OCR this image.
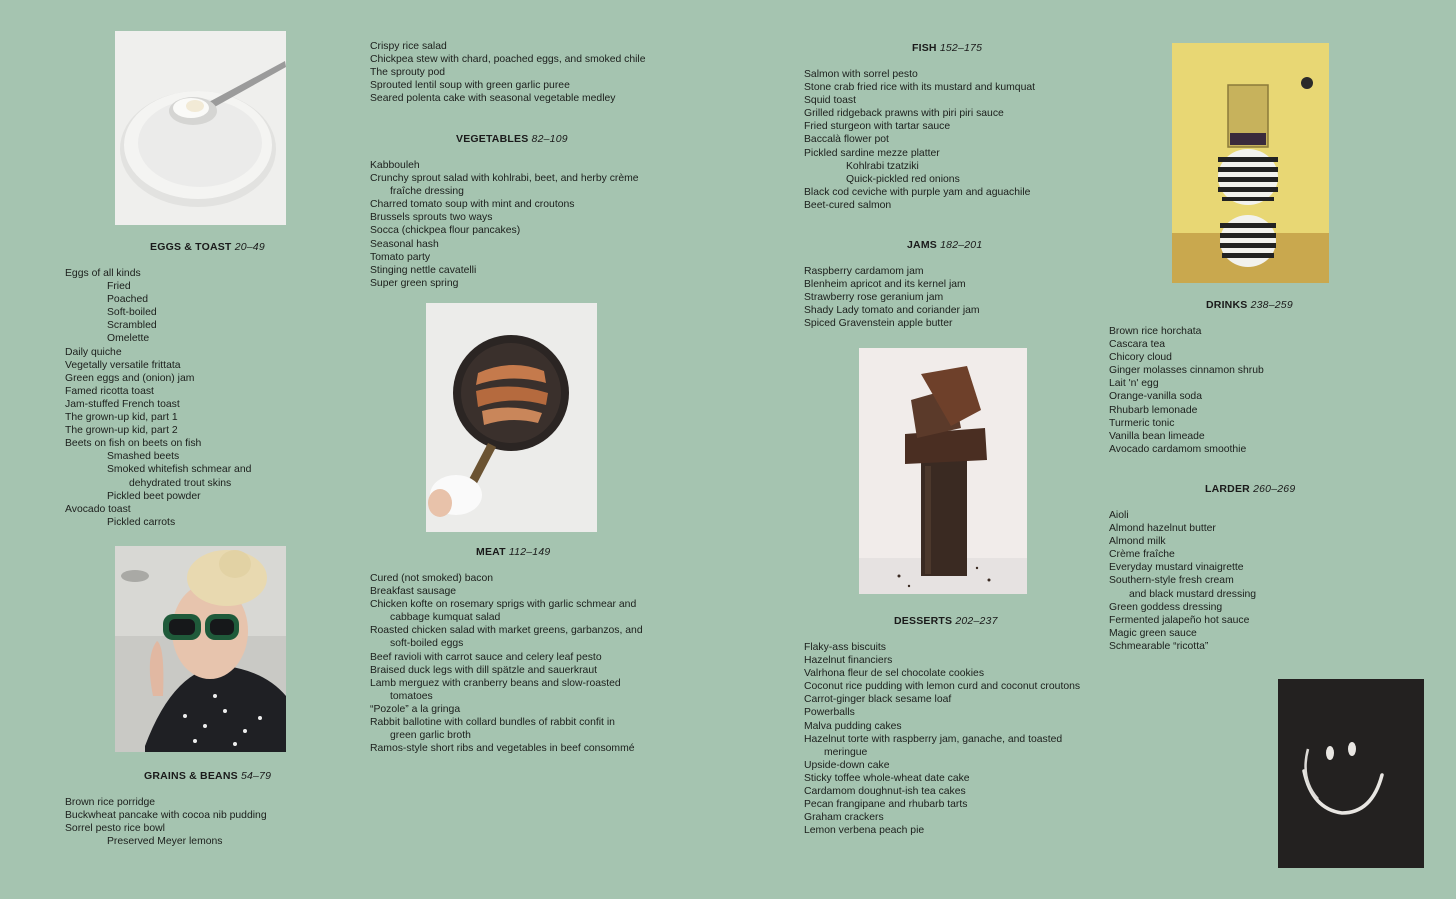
EGGS & TOAST 20–49
GRAINS & BEANS 54–79
VEGETABLES 82–109
MEAT 112–149
FISH 152–175
JAMS 182–201
DESSERTS 202–237
DRINKS 238–259
LARDER 260–269
Eggs of all kinds
Fried
Poached
Soft-boiled
Scrambled
Omelette
Daily quiche
Vegetally versatile frittata
Green eggs and (onion) jam
Famed ricotta toast
Jam-stuffed French toast
The grown-up kid, part 1
The grown-up kid, part 2
Beets on fish on beets on fish
Smashed beets
Smoked whitefish schmear and
dehydrated trout skins
Pickled beet powder
Avocado toast
Pickled carrots
Brown rice porridge
Buckwheat pancake with cocoa nib pudding
Sorrel pesto rice bowl
Preserved Meyer lemons
Crispy rice salad
Chickpea stew with chard, poached eggs, and smoked chile
The sprouty pod
Sprouted lentil soup with green garlic puree
Seared polenta cake with seasonal vegetable medley
Kabbouleh
Crunchy sprout salad with kohlrabi, beet, and herby crème
fraîche dressing
Charred tomato soup with mint and croutons
Brussels sprouts two ways
Socca (chickpea flour pancakes)
Seasonal hash
Tomato party
Stinging nettle cavatelli
Super green spring
Cured (not smoked) bacon
Breakfast sausage
Chicken kofte on rosemary sprigs with garlic schmear and
cabbage kumquat salad
Roasted chicken salad with market greens, garbanzos, and
soft-boiled eggs
Beef ravioli with carrot sauce and celery leaf pesto
Braised duck legs with dill spätzle and sauerkraut
Lamb merguez with cranberry beans and slow-roasted
tomatoes
“Pozole” a la gringa
Rabbit ballotine with collard bundles of rabbit confit in
green garlic broth
Ramos-style short ribs and vegetables in beef consommé
Salmon with sorrel pesto
Stone crab fried rice with its mustard and kumquat
Squid toast
Grilled ridgeback prawns with piri piri sauce
Fried sturgeon with tartar sauce
Baccalà flower pot
Pickled sardine mezze platter
Kohlrabi tzatziki
Quick-pickled red onions
Black cod ceviche with purple yam and aguachile
Beet-cured salmon
Raspberry cardamom jam
Blenheim apricot and its kernel jam
Strawberry rose geranium jam
Shady Lady tomato and coriander jam
Spiced Gravenstein apple butter
Flaky-ass biscuits
Hazelnut financiers
Valrhona fleur de sel chocolate cookies
Coconut rice pudding with lemon curd and coconut croutons
Carrot-ginger black sesame loaf
Powerballs
Malva pudding cakes
Hazelnut torte with raspberry jam, ganache, and toasted
meringue
Upside-down cake
Sticky toffee whole-wheat date cake
Cardamom doughnut-ish tea cakes
Pecan frangipane and rhubarb tarts
Graham crackers
Lemon verbena peach pie
Brown rice horchata
Cascara tea
Chicory cloud
Ginger molasses cinnamon shrub
Lait 'n' egg
Orange-vanilla soda
Rhubarb lemonade
Turmeric tonic
Vanilla bean limeade
Avocado cardamom smoothie
Aioli
Almond hazelnut butter
Almond milk
Crème fraîche
Everyday mustard vinaigrette
Southern-style fresh cream
and black mustard dressing
Green goddess dressing
Fermented jalapeño hot sauce
Magic green sauce
Schmearable “ricotta”
